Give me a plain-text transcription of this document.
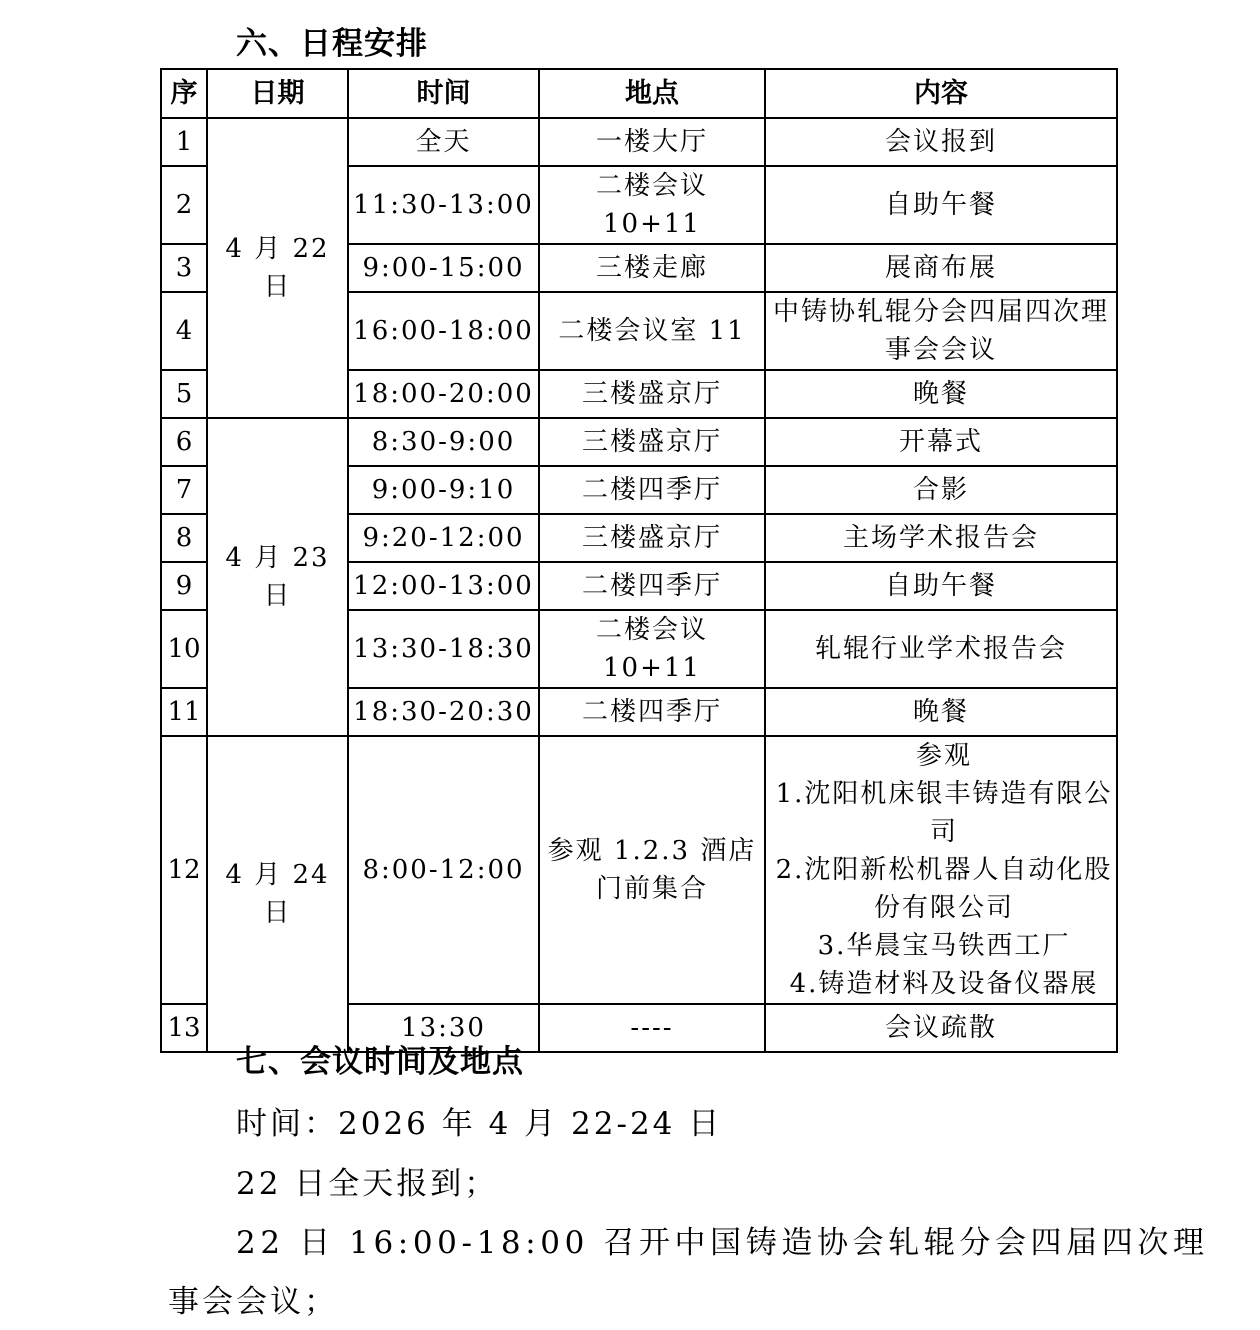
六、日程安排
序	日期	时间	地点	内容
1	4 月 22 日	全天	一楼大厅	会议报到
2		11:30-13:00	二楼会议 10+11	自助午餐
3		9:00-15:00	三楼走廊	展商布展
4		16:00-18:00	二楼会议室 11	中铸协轧辊分会四届四次理事会会议
5		18:00-20:00	三楼盛京厅	晚餐
6	4 月 23 日	8:30-9:00	三楼盛京厅	开幕式
7		9:00-9:10	二楼四季厅	合影
8		9:20-12:00	三楼盛京厅	主场学术报告会
9		12:00-13:00	二楼四季厅	自助午餐
10		13:30-18:30	二楼会议 10+11	轧辊行业学术报告会
11		18:30-20:30	二楼四季厅	晚餐
12	4 月 24 日	8:00-12:00	参观 1.2.3 酒店门前集合	参观
1.沈阳机床银丰铸造有限公司
2.沈阳新松机器人自动化股份有限公司
3.华晨宝马铁西工厂
4.铸造材料及设备仪器展

13		13:30	----	会议疏散
七、会议时间及地点
时间：2026 年 4 月 22-24 日
22 日全天报到；
22 日 16:00-18:00 召开中国铸造协会轧辊分会四届四次理
事会会议；
